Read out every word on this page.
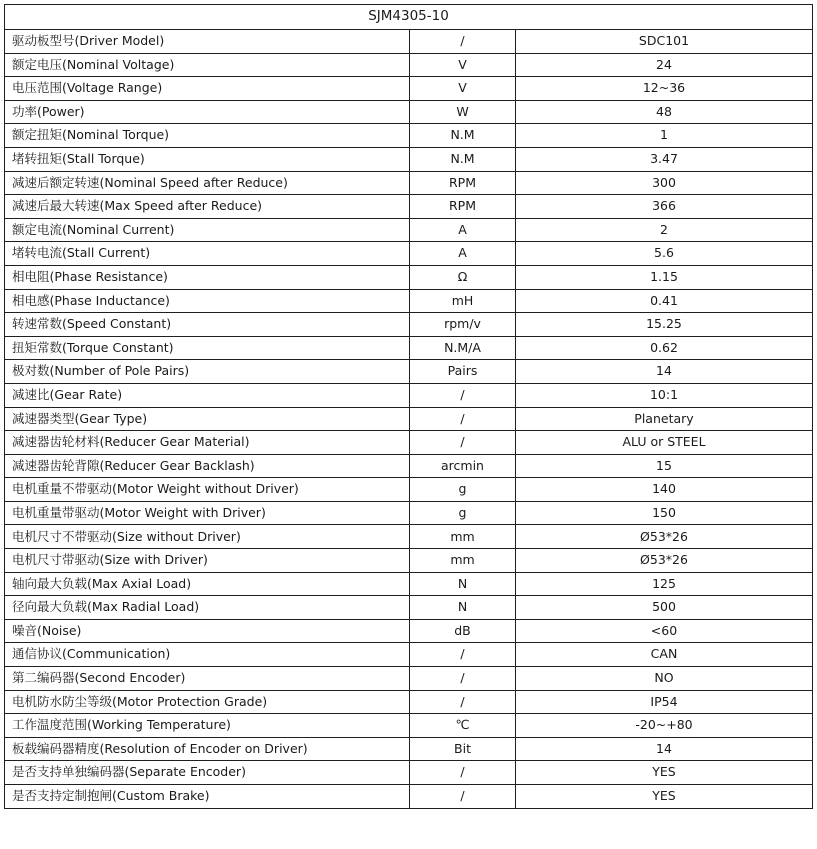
SJM4305-10		
驱动板型号(Driver Model)	/	SDC101
额定电压(Nominal Voltage)	V	24
电压范围(Voltage Range)	V	12~36
功率(Power)	W	48
额定扭矩(Nominal Torque)	N.M	1
堵转扭矩(Stall Torque)	N.M	3.47
减速后额定转速(Nominal Speed after Reduce)	RPM	300
减速后最大转速(Max Speed after Reduce)	RPM	366
额定电流(Nominal Current)	A	2
堵转电流(Stall Current)	A	5.6
相电阻(Phase Resistance)	Ω	1.15
相电感(Phase Inductance)	mH	0.41
转速常数(Speed Constant)	rpm/v	15.25
扭矩常数(Torque Constant)	N.M/A	0.62
极对数(Number of Pole Pairs)	Pairs	14
减速比(Gear Rate)	/	10:1
减速器类型(Gear Type)	/	Planetary
减速器齿轮材料(Reducer Gear Material)	/	ALU or STEEL
减速器齿轮背隙(Reducer Gear Backlash)	arcmin	15
电机重量不带驱动(Motor Weight without Driver)	g	140
电机重量带驱动(Motor Weight with Driver)	g	150
电机尺寸不带驱动(Size without Driver)	mm	Ø53*26
电机尺寸带驱动(Size with Driver)	mm	Ø53*26
轴向最大负载(Max Axial Load)	N	125
径向最大负载(Max Radial Load)	N	500
噪音(Noise)	dB	<60
通信协议(Communication)	/	CAN
第二编码器(Second Encoder)	/	NO
电机防水防尘等级(Motor Protection Grade)	/	IP54
工作温度范围(Working Temperature)	℃	-20~+80
板载编码器精度(Resolution of Encoder on Driver)	Bit	14
是否支持单独编码器(Separate Encoder)	/	YES
是否支持定制抱闸(Custom Brake)	/	YES
